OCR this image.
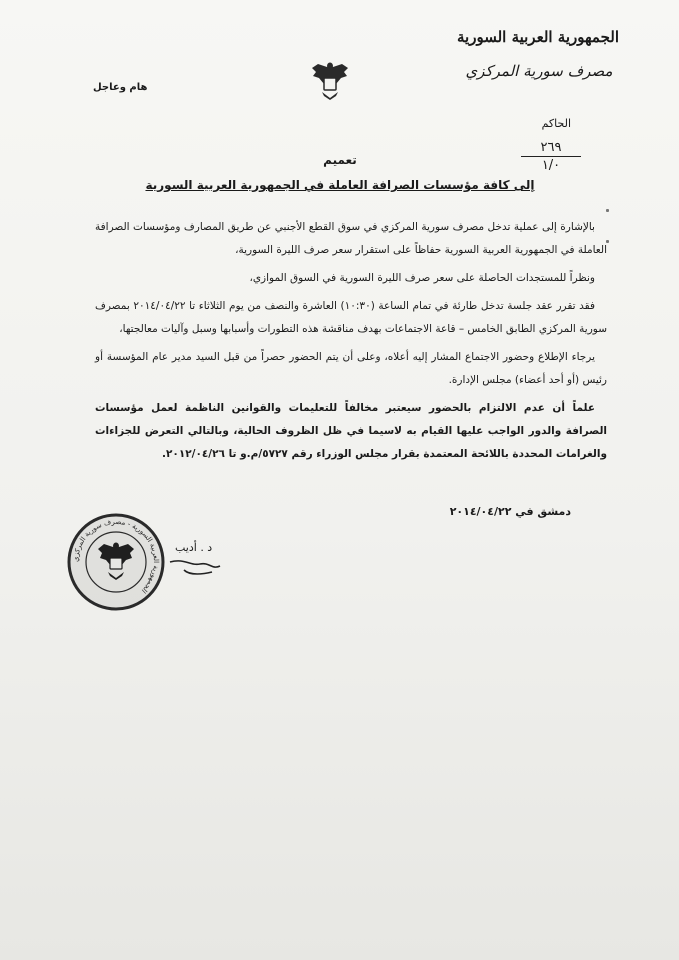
الجمهورية العربية السورية
مصرف سورية المركزي
هام وعاجل
الحاكم
٢٦٩
١/٠
تعميم
إلى كافة مؤسسات الصرافة العاملة في الجمهورية العربية السورية

بالإشارة إلى عملية تدخل مصرف سورية المركزي في سوق القطع الأجنبي عن طريق المصارف ومؤسسات الصرافة العاملة في الجمهورية العربية السورية حفاظاً على استقرار سعر صرف الليرة السورية،

ونظراً للمستجدات الحاصلة على سعر صرف الليرة السورية في السوق الموازي،

فقد تقرر عقد جلسة تدخل طارئة في تمام الساعة (١٠:٣٠) العاشرة والنصف من يوم الثلاثاء تا ٢٠١٤/٠٤/٢٢ بمصرف سورية المركزي الطابق الخامس – قاعة الاجتماعات بهدف مناقشة هذه التطورات وأسبابها وسبل وآليات معالجتها،

يرجاء الإطلاع وحضور الاجتماع المشار إليه أعلاه، وعلى أن يتم الحضور حصراً من قبل السيد مدير عام المؤسسة أو رئيس (أو أحد أعضاء) مجلس الإدارة.

علماً أن عدم الالتزام بالحضور سيعتبر مخالفاً للتعليمات والقوانين الناظمة لعمل مؤسسات الصرافة والدور الواجب عليها القيام به لاسيما في ظل الظروف الحالية، وبالتالي التعرض للجزاءات والغرامات المحددة باللائحة المعتمدة بقرار مجلس الوزراء رقم ٥٧٢٧/م.و تا ٢٠١٢/٠٤/٢٦.

دمشق في ٢٠١٤/٠٤/٢٢
د . أديب
الجمهورية العربية السورية - مصرف سورية المركزي
